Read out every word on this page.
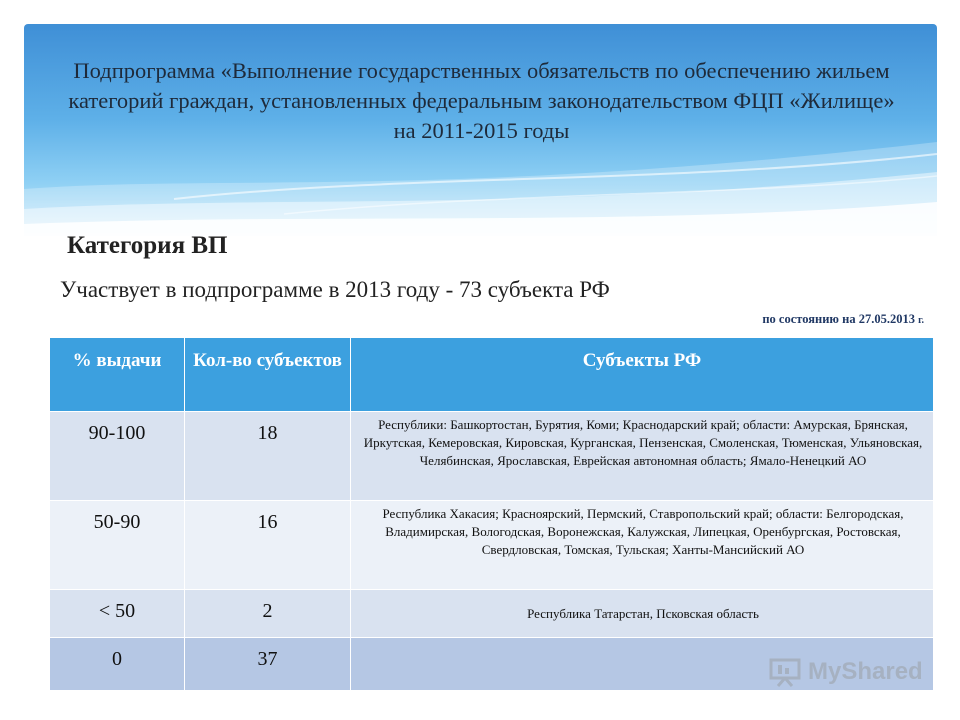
Подпрограмма «Выполнение государственных обязательств по обеспечению жильем категорий граждан, установленных федеральным законодательством ФЦП «Жилище» на 2011-2015 годы
Категория ВП
Участвует в подпрограмме в 2013 году - 73 субъекта РФ
по состоянию на 27.05.2013 г.
% выдачи	Кол-во субъектов	Субъекты РФ
90-100	18	Республики: Башкортостан, Бурятия, Коми; Краснодарский край; области: Амурская, Брянская, Иркутская, Кемеровская, Кировская, Курганская, Пензенская, Смоленская, Тюменская, Ульяновская, Челябинская, Ярославская, Еврейская автономная область; Ямало-Ненецкий АО
50-90	16	Республика Хакасия; Красноярский, Пермский, Ставропольский край; области: Белгородская, Владимирская, Вологодская, Воронежская, Калужская, Липецкая, Оренбургская, Ростовская, Свердловская, Томская, Тульская; Ханты-Мансийский АО
< 50	2	Республика Татарстан, Псковская область
0	37		MyShared
